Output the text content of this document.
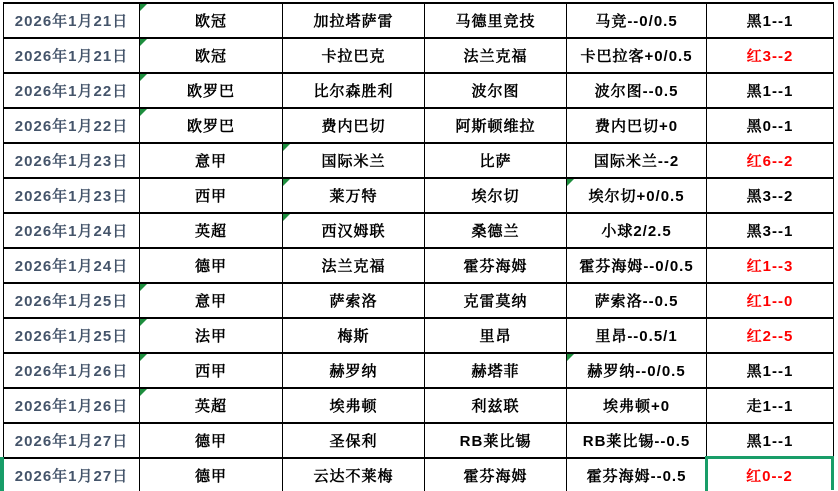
2026年1月21日	欧冠	加拉塔萨雷	马德里竞技	马竞--0/0.5	黑1--1
2026年1月21日	欧冠	卡拉巴克	法兰克福	卡巴拉客+0/0.5	红3--2
2026年1月22日	欧罗巴	比尔森胜利	波尔图	波尔图--0.5	黑1--1
2026年1月22日	欧罗巴	费内巴切	阿斯顿维拉	费内巴切+0	黑0--1
2026年1月23日	意甲	国际米兰	比萨	国际米兰--2	红6--2
2026年1月23日	西甲	莱万特	埃尔切	埃尔切+0/0.5	黑3--2
2026年1月24日	英超	西汉姆联	桑德兰	小球2/2.5	黑3--1
2026年1月24日	德甲	法兰克福	霍芬海姆	霍芬海姆--0/0.5	红1--3
2026年1月25日	意甲	萨索洛	克雷莫纳	萨索洛--0.5	红1--0
2026年1月25日	法甲	梅斯	里昂	里昂--0.5/1	红2--5
2026年1月26日	西甲	赫罗纳	赫塔菲	赫罗纳--0/0.5	黑1--1
2026年1月26日	英超	埃弗顿	利兹联	埃弗顿+0	走1--1
2026年1月27日	德甲	圣保利	RB莱比锡	RB莱比锡--0.5	黑1--1
2026年1月27日	德甲	云达不莱梅	霍芬海姆	霍芬海姆--0.5	红0--2
